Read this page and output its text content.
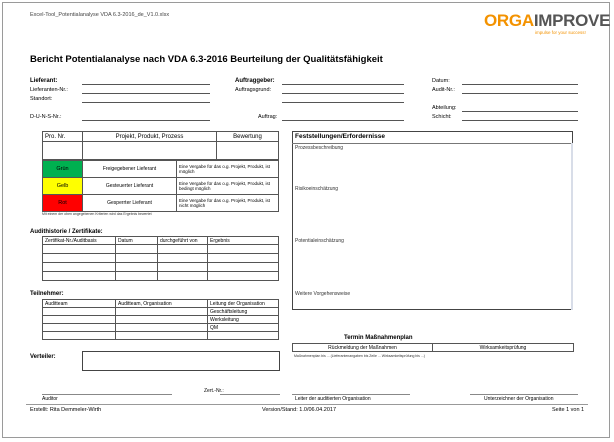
Excel-Tool_Potentialanalyse VDA 6.3-2016_de_V1.0.xlsx	ORGAIMPROVE
impulse for your success!
Bericht Potentialanalyse nach VDA 6.3-2016 Beurteilung der Qualitätsfähigkeit
Lieferant:
Lieferanten-Nr.:
Standort:
D-U-N-S-Nr.:
Auftraggeber:
Auftragsgrund:
Auftrag:
Datum:
Audit-Nr.:
Abteilung:
Schicht:
Pro. Nr.	Projekt, Produkt, Prozess	Bewertung

Grün	Freigegebener Lieferant	Eine Vergabe für das o.g. Projekt, Produkt, ist möglich
Gelb	Gesteuerter Lieferant	Eine Vergabe für das o.g. Projekt, Produkt, ist bedingt möglich
Rot	Gesperrter Lieferant	Eine Vergabe für das o.g. Projekt, Produkt, ist nicht möglich
Mit einem der oben angegebenen Kriterien wird das Ergebnis bewertet
Feststellungen/Erfordernisse
Prozessbeschreibung
Risikoeinschätzung
Potentialeinschätzung
Weitere Vorgehensweise
Audithistorie / Zertifikate:
Zertifikat-Nr./Auditbasis	Datum	durchgeführt von	Ergebnis

Teilnehmer:
Auditteam	Auditteam, Organisation	Leitung der Organisation
		Geschäftsleitung
		Werksleitung
		QM

Termin Maßnahmenplan
Rückmeldung der Maßnahmen	Wirksamkeitsprüfung
Maßnahmenplan bis ... (Lieferantenangaben bis Zeile ... Wirksamkeitsprüfung bis ...)
Verteiler:
Zert.-Nr.:
Auditor	Leiter der auditierten Organisation	Unterzeichner der Organisation
Erstellt: Rita Demmeler-Wirth	Version/Stand: 1.0/06.04.2017	Seite 1 von 1
